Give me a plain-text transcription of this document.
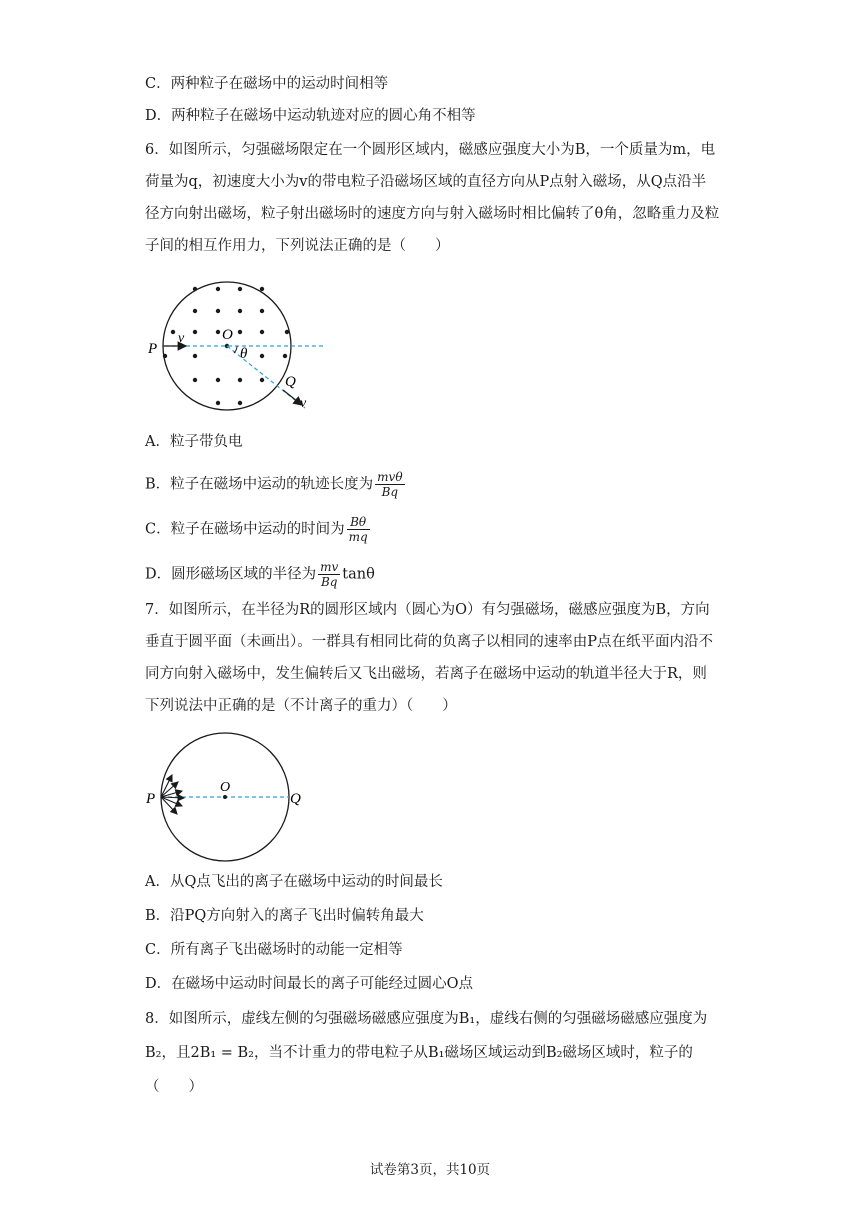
C．两种粒子在磁场中的运动时间相等
D．两种粒子在磁场中运动轨迹对应的圆心角不相等
6．如图所示，匀强磁场限定在一个圆形区域内，磁感应强度大小为B，一个质量为m，电荷量为q，初速度大小为v的带电粒子沿磁场区域的直径方向从P点射入磁场，从Q点沿半径方向射出磁场，粒子射出磁场时的速度方向与射入磁场时相比偏转了θ角，忽略重力及粒子间的相互作用力，下列说法正确的是（　　）
P
v	O
θ
Q
v
A．粒子带负电
B．粒子在磁场中运动的轨迹长度为 $\frac{\text{mvθ}}{Bq}$
C．粒子在磁场中运动的时间为 $\frac{B\theta}{mq}$
D．圆形磁场区域的半径为 $\frac{mv}{Bq}$ tanθ
7．如图所示，在半径为R的圆形区域内（圆心为O）有匀强磁场，磁感应强度为B，方向垂直于圆平面（未画出）。一群具有相同比荷的负离子以相同的速率由P点在纸平面内沿不同方向射入磁场中，发生偏转后又飞出磁场，若离子在磁场中运动的轨道半径大于R，则下列说法中正确的是（不计离子的重力）（　　）
P
O
Q
A．从Q点飞出的离子在磁场中运动的时间最长
B．沿PQ方向射入的离子飞出时偏转角最大
C．所有离子飞出磁场时的动能一定相等
D．在磁场中运动时间最长的离子可能经过圆心O点
8．如图所示，虚线左侧的匀强磁场磁感应强度为B₁，虚线右侧的匀强磁场磁感应强度为B₂，且2B₁ = B₂，当不计重力的带电粒子从B₁磁场区域运动到B₂磁场区域时，粒子的（　　）
试卷第3页，共10页
